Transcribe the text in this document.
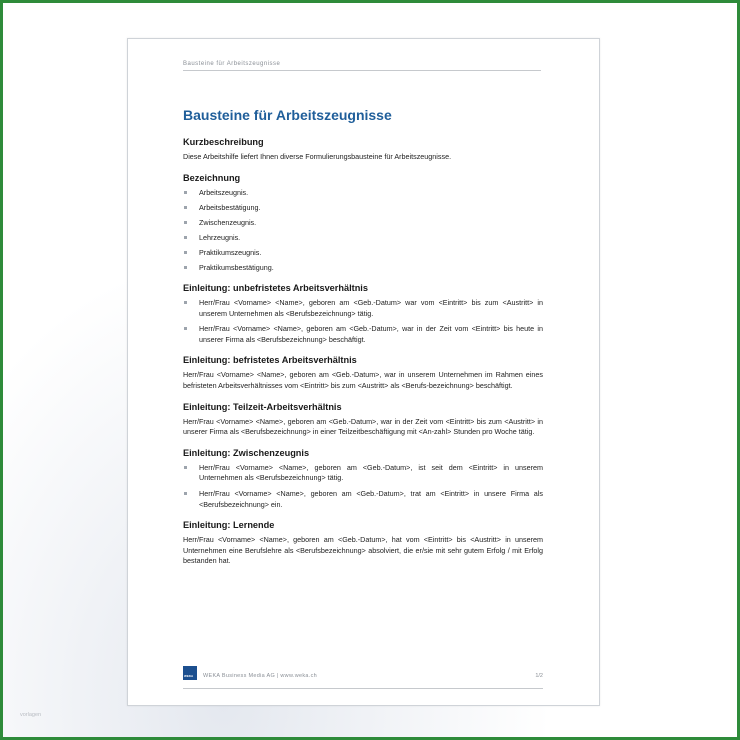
Bausteine für Arbeitszeugnisse
Bausteine für Arbeitszeugnisse
Kurzbeschreibung

Diese Arbeitshilfe liefert Ihnen diverse Formulierungsbausteine für Arbeitszeugnisse.

Bezeichnung
Arbeitszeugnis.
Arbeitsbestätigung.
Zwischenzeugnis.
Lehrzeugnis.
Praktikumszeugnis.
Praktikumsbestätigung.
Einleitung: unbefristetes Arbeitsverhältnis
Herr/Frau <Vorname> <Name>, geboren am <Geb.-Datum> war vom <Eintritt> bis zum <Austritt> in unserem Unternehmen als <Berufsbezeichnung> tätig.
Herr/Frau <Vorname> <Name>, geboren am <Geb.-Datum>, war in der Zeit vom <Eintritt> bis heute in unserer Firma als <Berufsbezeichnung> beschäftigt.
Einleitung: befristetes Arbeitsverhältnis

Herr/Frau <Vorname> <Name>, geboren am <Geb.-Datum>, war in unserem Unternehmen im Rahmen eines befristeten Arbeitsverhältnisses vom <Eintritt> bis zum <Austritt> als <Berufs-bezeichnung> beschäftigt.

Einleitung: Teilzeit-Arbeitsverhältnis

Herr/Frau <Vorname> <Name>, geboren am <Geb.-Datum>, war in der Zeit vom <Eintritt> bis zum <Austritt> in unserer Firma als <Berufsbezeichnung> in einer Teilzeitbeschäftigung mit <An-zahl> Stunden pro Woche tätig.

Einleitung: Zwischenzeugnis
Herr/Frau <Vorname> <Name>, geboren am <Geb.-Datum>, ist seit dem <Eintritt> in unserem Unternehmen als <Berufsbezeichnung> tätig.
Herr/Frau <Vorname> <Name>, geboren am <Geb.-Datum>, trat am <Eintritt> in unsere Firma als <Berufsbezeichnung> ein.
Einleitung: Lernende

Herr/Frau <Vorname> <Name>, geboren am <Geb.-Datum>, hat vom <Eintritt> bis <Austritt> in unserem Unternehmen eine Berufslehre als <Berufsbezeichnung> absolviert, die er/sie mit sehr gutem Erfolg / mit Erfolg bestanden hat.

WEKA WEKA Business Media AG | www.weka.ch	1/2
vorlagen
